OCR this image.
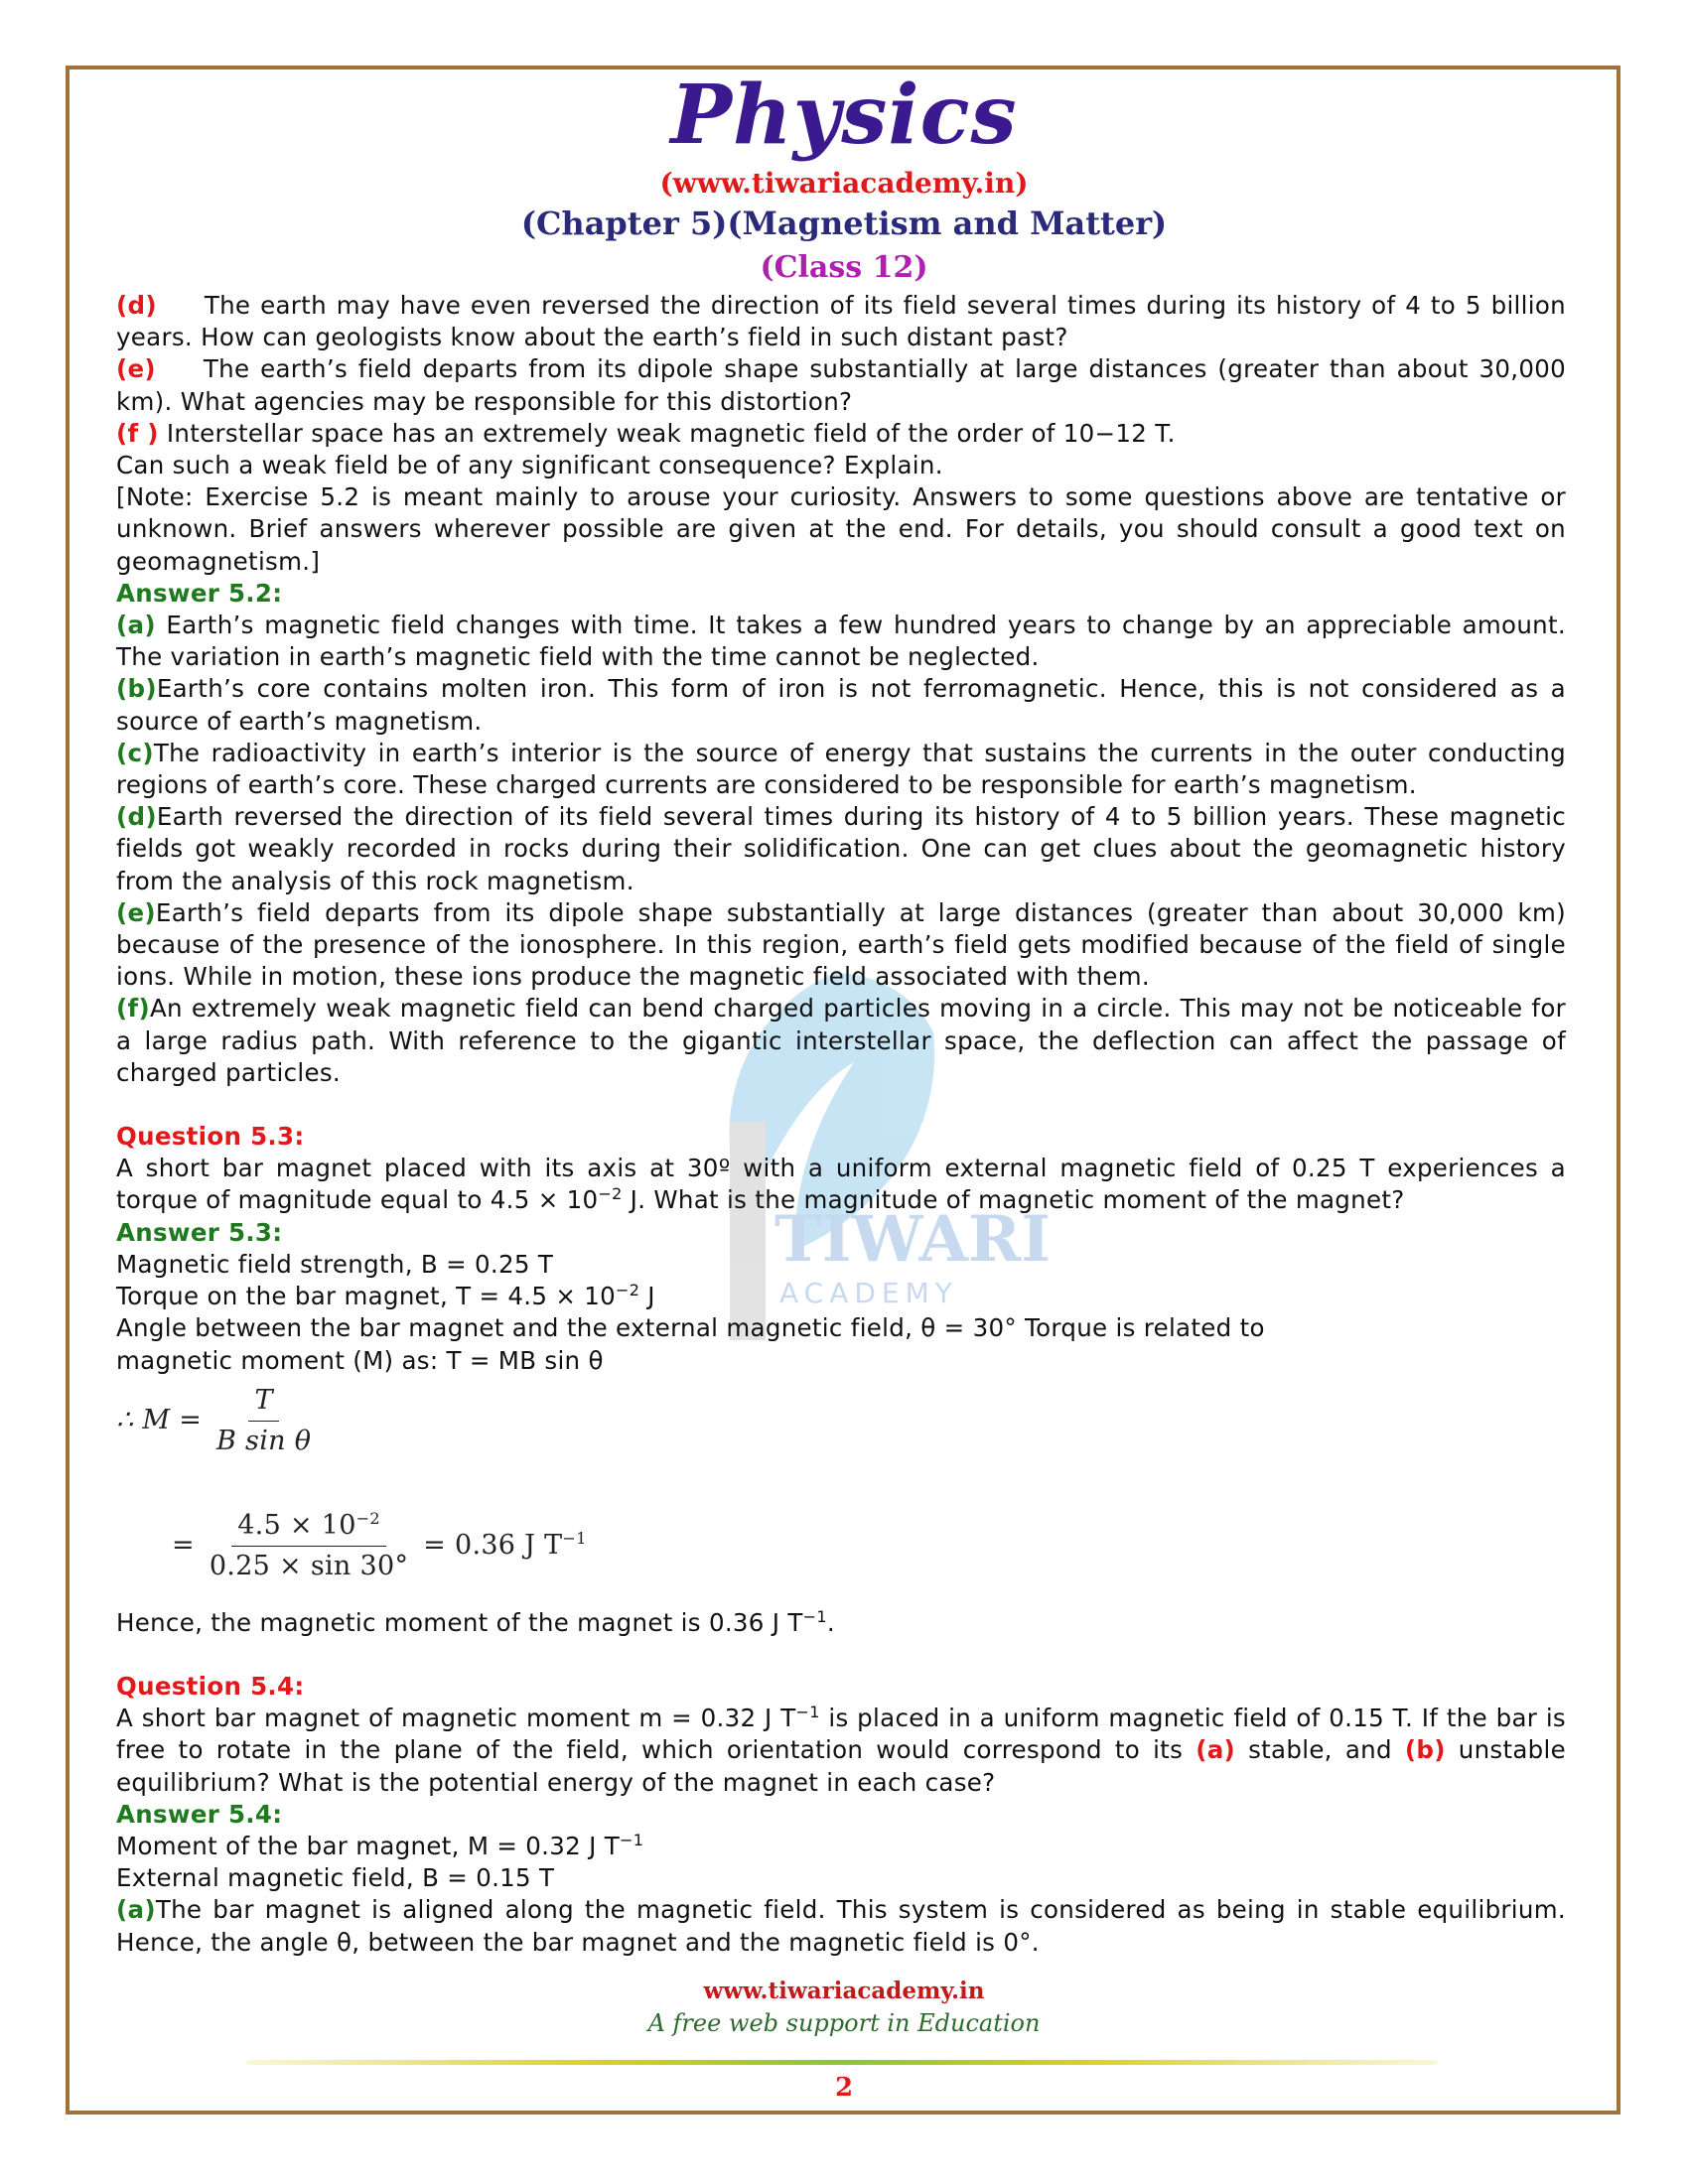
TIWARI
ACADEMY
Physics
(www.tiwariacademy.in)
(Chapter 5)(Magnetism and Matter)
(Class 12)

(d) The earth may have even reversed the direction of its field several times during its history of 4 to 5 billion years. How can geologists know about the earth’s field in such distant past?

(e) The earth’s field departs from its dipole shape substantially at large distances (greater than about 30,000 km). What agencies may be responsible for this distortion?

(f ) Interstellar space has an extremely weak magnetic field of the order of 10−12 T.

Can such a weak field be of any significant consequence? Explain.

[Note: Exercise 5.2 is meant mainly to arouse your curiosity. Answers to some questions above are tentative or unknown. Brief answers wherever possible are given at the end. For details, you should consult a good text on geomagnetism.]

Answer 5.2:

(a) Earth’s magnetic field changes with time. It takes a few hundred years to change by an appreciable amount. The variation in earth’s magnetic field with the time cannot be neglected.

(b)Earth’s core contains molten iron. This form of iron is not ferromagnetic. Hence, this is not considered as a source of earth’s magnetism.

(c)The radioactivity in earth’s interior is the source of energy that sustains the currents in the outer conducting regions of earth’s core. These charged currents are considered to be responsible for earth’s magnetism.

(d)Earth reversed the direction of its field several times during its history of 4 to 5 billion years. These magnetic fields got weakly recorded in rocks during their solidification. One can get clues about the geomagnetic history from the analysis of this rock magnetism.

(e)Earth’s field departs from its dipole shape substantially at large distances (greater than about 30,000 km) because of the presence of the ionosphere. In this region, earth’s field gets modified because of the field of single ions. While in motion, these ions produce the magnetic field associated with them.

(f)An extremely weak magnetic field can bend charged particles moving in a circle. This may not be noticeable for a large radius path. With reference to the gigantic interstellar space, the deflection can affect the passage of charged particles.

Question 5.3:

A short bar magnet placed with its axis at 30º with a uniform external magnetic field of 0.25 T experiences a torque of magnitude equal to $4.5 \times 10^{-2}$ J. What is the magnitude of magnetic moment of the magnet?

Answer 5.3:

Magnetic field strength, B = 0.25 T

Torque on the bar magnet, $T = 4.5 \times 10^{-2}$ J

Angle between the bar magnet and the external magnetic field, θ = 30° Torque is related to

magnetic moment (M) as: T = MB sin θ

∴ $M = \frac{T}{\text{B sin θ}}$
= $\frac{4.5 \times 10^{-2}}{0.25 \times \sin 30^\circ} = 0.36$ J $T^{-1}$

Hence, the magnetic moment of the magnet is 0.36 J $T^{-1}$.

Question 5.4:

A short bar magnet of magnetic moment m = 0.32 J $T^{-1}$ is placed in a uniform magnetic field of 0.15 T. If the bar is free to rotate in the plane of the field, which orientation would correspond to its (a) stable, and (b) unstable equilibrium? What is the potential energy of the magnet in each case?

Answer 5.4:

Moment of the bar magnet, M = 0.32 J $T^{-1}$

External magnetic field, B = 0.15 T

(a)The bar magnet is aligned along the magnetic field. This system is considered as being in stable equilibrium. Hence, the angle θ, between the bar magnet and the magnetic field is 0°.

www.tiwariacademy.in
A free web support in Education
2
